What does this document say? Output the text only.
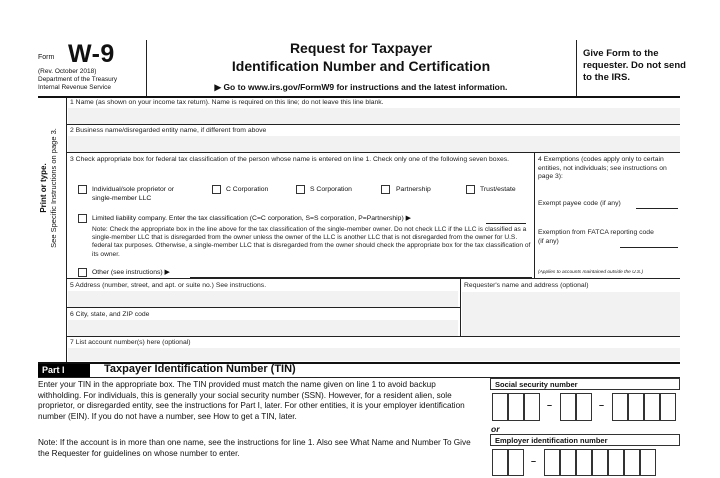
Form W-9
(Rev. October 2018)
Department of the Treasury
Internal Revenue Service
Request for Taxpayer
Identification Number and Certification
▶ Go to www.irs.gov/FormW9 for instructions and the latest information.
Give Form to the requester. Do not send to the IRS.
Print or type. See Specific Instructions on page 3.
1 Name (as shown on your income tax return). Name is required on this line; do not leave this line blank.
2 Business name/disregarded entity name, if different from above
3 Check appropriate box for federal tax classification of the person whose name is entered on line 1. Check only one of the following seven boxes.
Individual/sole proprietor or single-member LLC
C Corporation	S Corporation	Partnership	Trust/estate
Limited liability company. Enter the tax classification (C=C corporation, S=S corporation, P=Partnership) ▶
Note: Check the appropriate box in the line above for the tax classification of the single-member owner. Do not check LLC if the LLC is classified as a single-member LLC that is disregarded from the owner unless the owner of the LLC is another LLC that is not disregarded from the owner for U.S. federal tax purposes. Otherwise, a single-member LLC that is disregarded from the owner should check the appropriate box for the tax classification of its owner.
Other (see instructions) ▶
4 Exemptions (codes apply only to certain entities, not individuals; see instructions on page 3):
Exempt payee code (if any)
Exemption from FATCA reporting code (if any)
(Applies to accounts maintained outside the U.S.)
5 Address (number, street, and apt. or suite no.) See instructions.
6 City, state, and ZIP code
Requester's name and address (optional)
7 List account number(s) here (optional)
Part I	Taxpayer Identification Number (TIN)
Enter your TIN in the appropriate box. The TIN provided must match the name given on line 1 to avoid backup withholding. For individuals, this is generally your social security number (SSN). However, for a resident alien, sole proprietor, or disregarded entity, see the instructions for Part I, later. For other entities, it is your employer identification number (EIN). If you do not have a number, see How to get a TIN, later.
Note: If the account is in more than one name, see the instructions for line 1. Also see What Name and Number To Give the Requester for guidelines on whose number to enter.
Social security number
–	–
or
Employer identification number
–
